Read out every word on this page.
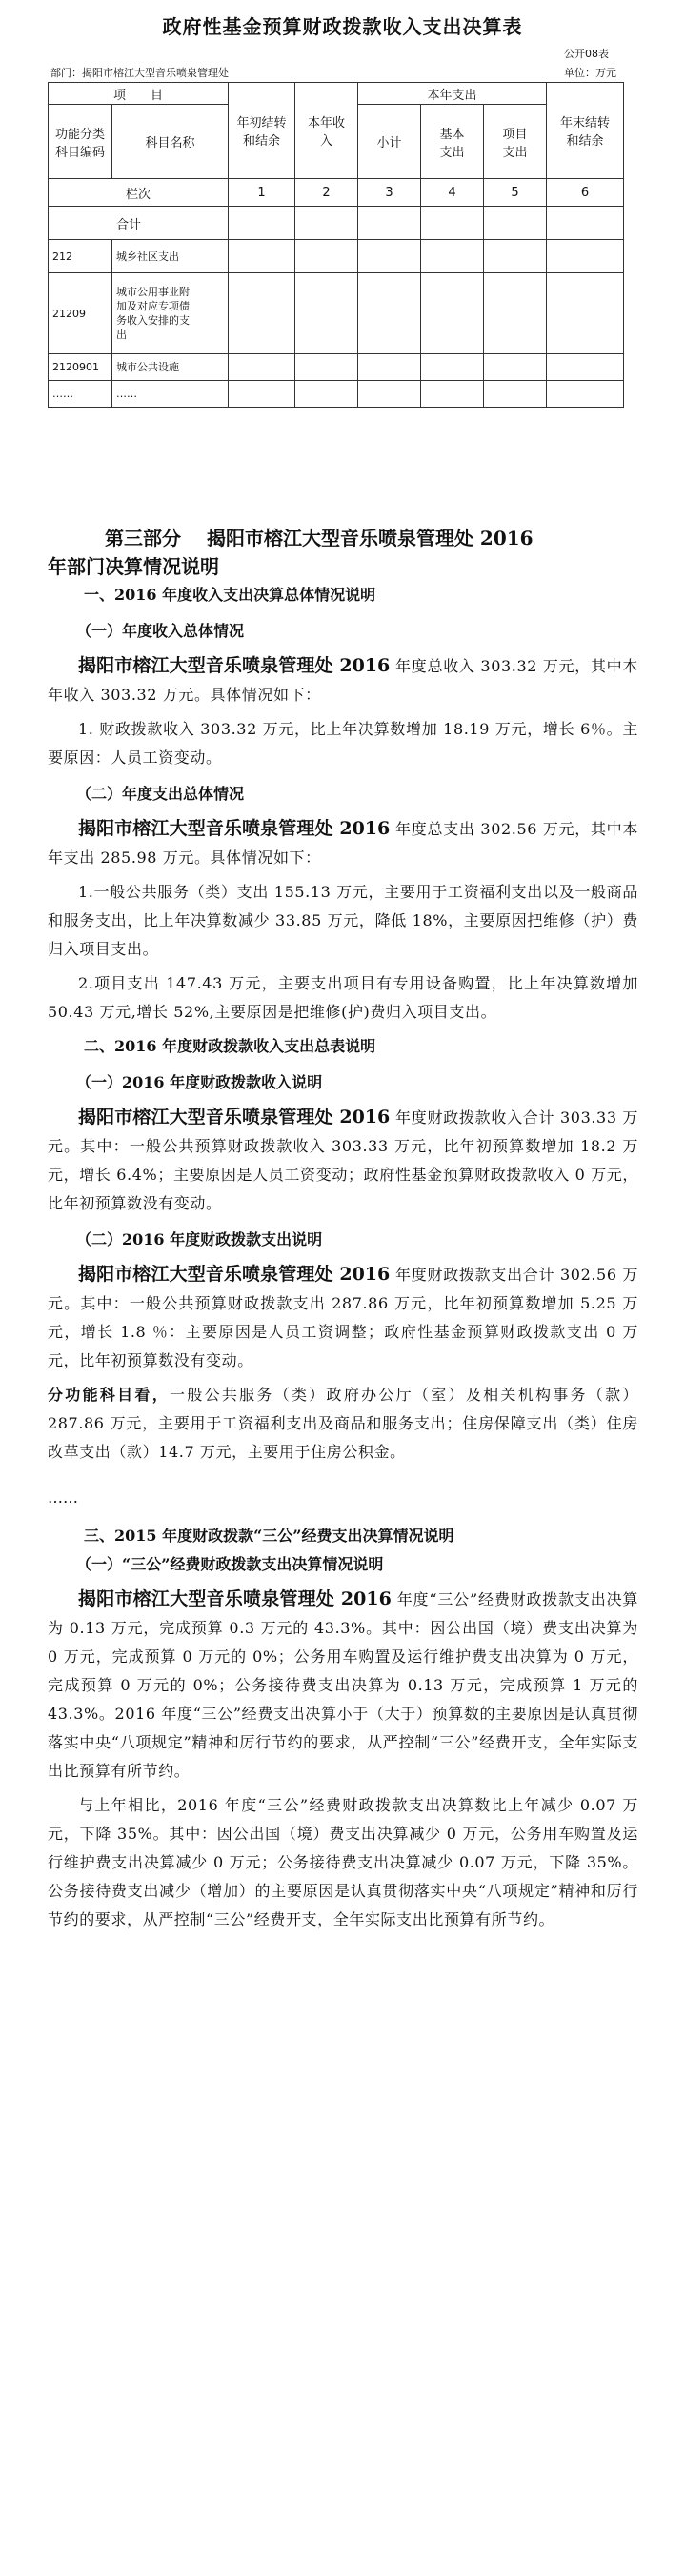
政府性基金预算财政拨款收入支出决算表
公开08表
部门：揭阳市榕江大型音乐喷泉管理处	单位：万元
项　　目		年初结转和结余	本年收入	本年支出			年末结转和结余
功能分类科目编码	科目名称			小计	基本支出	项目支出	
栏次		1	2	3	4	5	6
合计							
212	城乡社区支出						
21209	城市公用事业附加及对应专项债务收入安排的支出						
2120901	城市公共设施						
……	……						
第三部分　 揭阳市榕江大型音乐喷泉管理处 2016
年部门决算情况说明
一、2016 年度收入支出决算总体情况说明
（一）年度收入总体情况

揭阳市榕江大型音乐喷泉管理处 2016 年度总收入 303.32 万元，其中本年收入 303.32 万元。具体情况如下：

1. 财政拨款收入 303.32 万元，比上年决算数增加 18.19 万元，增长 6％。主要原因：人员工资变动。

（二）年度支出总体情况

揭阳市榕江大型音乐喷泉管理处 2016 年度总支出 302.56 万元，其中本年支出 285.98 万元。具体情况如下：

1.一般公共服务（类）支出 155.13 万元，主要用于工资福利支出以及一般商品和服务支出，比上年决算数减少 33.85 万元，降低 18%，主要原因把维修（护）费归入项目支出。

2.项目支出 147.43 万元，主要支出项目有专用设备购置，比上年决算数增加 50.43 万元,增长 52%,主要原因是把维修(护)费归入项目支出。

二、2016 年度财政拨款收入支出总表说明
（一）2016 年度财政拨款收入说明

揭阳市榕江大型音乐喷泉管理处 2016 年度财政拨款收入合计 303.33 万元。其中：一般公共预算财政拨款收入 303.33 万元，比年初预算数增加 18.2 万元，增长 6.4%；主要原因是人员工资变动；政府性基金预算财政拨款收入 0 万元，比年初预算数没有变动。

（二）2016 年度财政拨款支出说明

揭阳市榕江大型音乐喷泉管理处 2016 年度财政拨款支出合计 302.56 万元。其中：一般公共预算财政拨款支出 287.86 万元，比年初预算数增加 5.25 万元，增长 1.8 ％：主要原因是人员工资调整；政府性基金预算财政拨款支出 0 万元，比年初预算数没有变动。

分功能科目看，一般公共服务（类）政府办公厅（室）及相关机构事务（款）287.86 万元，主要用于工资福利支出及商品和服务支出；住房保障支出（类）住房改革支出（款）14.7 万元，主要用于住房公积金。

……
三、2015 年度财政拨款“三公”经费支出决算情况说明
（一）“三公”经费财政拨款支出决算情况说明

揭阳市榕江大型音乐喷泉管理处 2016 年度“三公”经费财政拨款支出决算为 0.13 万元，完成预算 0.3 万元的 43.3%。其中：因公出国（境）费支出决算为 0 万元，完成预算 0 万元的 0%；公务用车购置及运行维护费支出决算为 0 万元，完成预算 0 万元的 0%；公务接待费支出决算为 0.13 万元，完成预算 1 万元的 43.3%。2016 年度“三公”经费支出决算小于（大于）预算数的主要原因是认真贯彻落实中央“八项规定”精神和厉行节约的要求，从严控制“三公”经费开支，全年实际支出比预算有所节约。

与上年相比，2016 年度“三公”经费财政拨款支出决算数比上年减少 0.07 万元，下降 35%。其中：因公出国（境）费支出决算减少 0 万元，公务用车购置及运行维护费支出决算减少 0 万元；公务接待费支出决算减少 0.07 万元，下降 35%。公务接待费支出减少（增加）的主要原因是认真贯彻落实中央“八项规定”精神和厉行节约的要求，从严控制“三公”经费开支，全年实际支出比预算有所节约。
